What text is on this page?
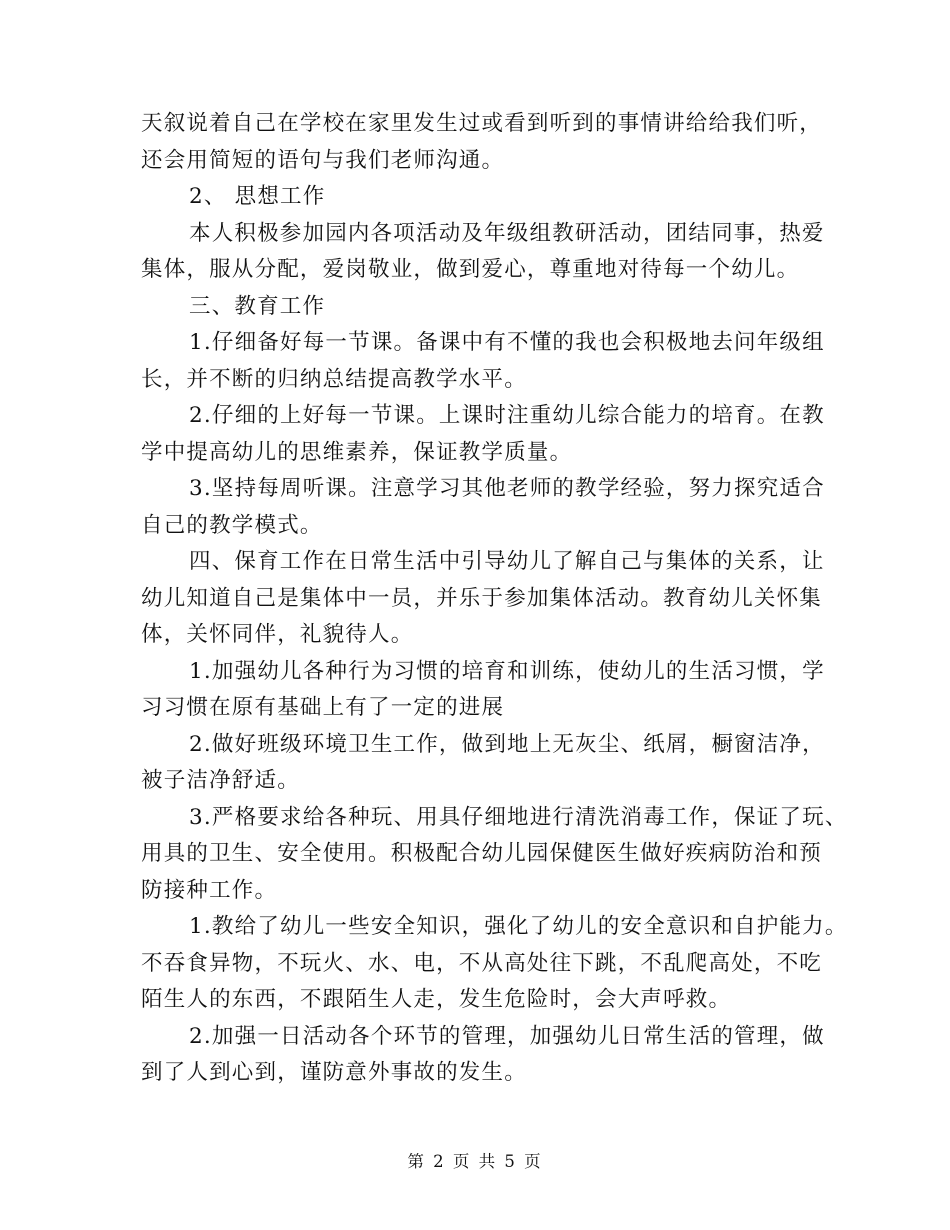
天叙说着自己在学校在家里发生过或看到听到的事情讲给给我们听，
还会用简短的语句与我们老师沟通。
2、 思想工作
本人积极参加园内各项活动及年级组教研活动，团结同事，热爱
集体，服从分配，爱岗敬业，做到爱心，尊重地对待每一个幼儿。
三、教育工作
1.仔细备好每一节课。备课中有不懂的我也会积极地去问年级组
长，并不断的归纳总结提高教学水平。
2.仔细的上好每一节课。上课时注重幼儿综合能力的培育。在教
学中提高幼儿的思维素养，保证教学质量。
3.坚持每周听课。注意学习其他老师的教学经验，努力探究适合
自己的教学模式。
四、保育工作在日常生活中引导幼儿了解自己与集体的关系，让
幼儿知道自己是集体中一员，并乐于参加集体活动。教育幼儿关怀集
体，关怀同伴，礼貌待人。
1.加强幼儿各种行为习惯的培育和训练，使幼儿的生活习惯，学
习习惯在原有基础上有了一定的进展
2.做好班级环境卫生工作，做到地上无灰尘、纸屑，橱窗洁净，
被子洁净舒适。
3.严格要求给各种玩、用具仔细地进行清洗消毒工作，保证了玩、
用具的卫生、安全使用。积极配合幼儿园保健医生做好疾病防治和预
防接种工作。
1.教给了幼儿一些安全知识，强化了幼儿的安全意识和自护能力。
不吞食异物，不玩火、水、电，不从高处往下跳，不乱爬高处，不吃
陌生人的东西，不跟陌生人走，发生危险时，会大声呼救。
2.加强一日活动各个环节的管理，加强幼儿日常生活的管理，做
到了人到心到，谨防意外事故的发生。
第 2 页 共 5 页
